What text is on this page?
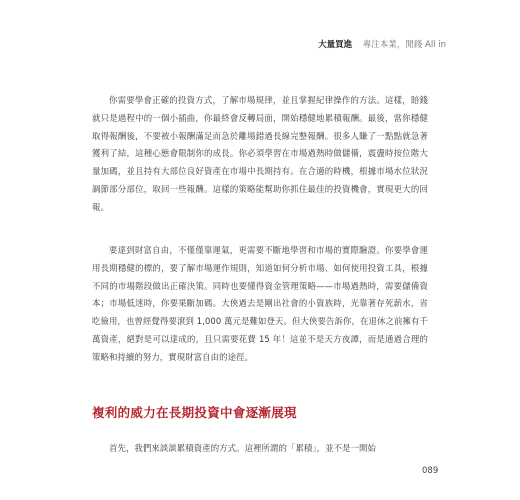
大量買進 專注本業，閒錢 All in

你需要學會正確的投資方式，了解市場規律，並且掌握紀律操作的方法。這樣，賠錢就只是過程中的一個小插曲，你最終會反轉局面，開始穩健地累積報酬。最後，當你穩健取得報酬後，不要被小報酬滿足而急於離場錯過長線完整報酬。很多人賺了一點點就急著獲利了結，這種心態會限制你的成長。你必須學習在市場過熱時做儲備，震盪時按位階大量加碼，並且持有大部位良好資產在市場中長期持有。在合適的時機，根據市場水位狀況調節部分部位，取回一些報酬。這樣的策略能幫助你抓住最佳的投資機會，實現更大的回報。

要達到財富自由，不僅僅靠運氣，更需要不斷地學習和市場的實際驗證。你要學會運用長期穩健的標的，要了解市場運作規則，知道如何分析市場、如何使用投資工具，根據不同的市場階段做出正確決策。同時也要懂得資金管理策略——市場過熱時，需要儲備資本；市場低迷時，你要果斷加碼。大俠過去是剛出社會的小資族時，光靠著存死薪水，省吃儉用，也曾經覺得要滾到 1,000 萬元是難如登天。但大俠要告訴你，在退休之前擁有千萬資產，絕對是可以達成的，且只需要花費 15 年！這並不是天方夜譚，而是通過合理的策略和持續的努力，實現財富自由的途徑。

複利的威力在長期投資中會逐漸展現

首先，我們來談談累積資產的方式。這裡所謂的「累積」，並不是一開始

089
